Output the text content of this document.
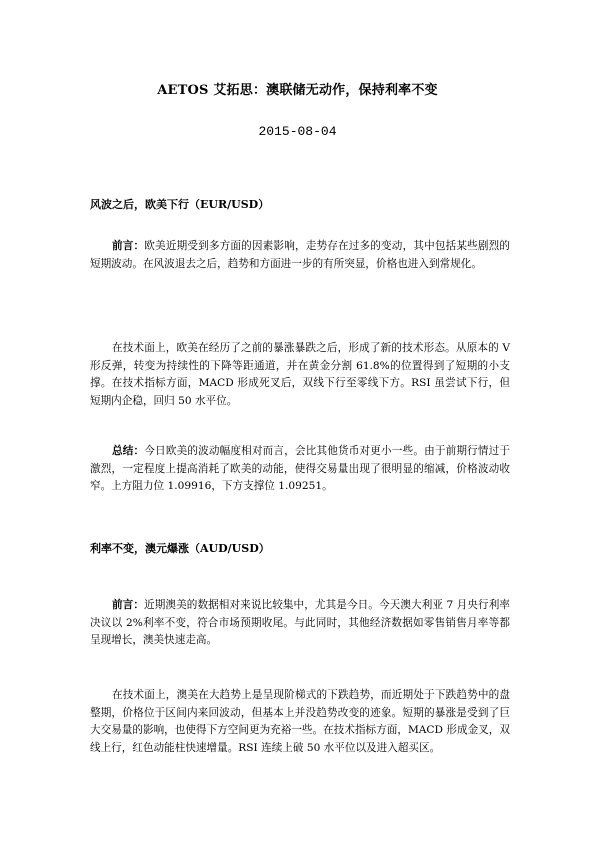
AETOS 艾拓思：澳联储无动作，保持利率不变
2015-08-04
风波之后，欧美下行（EUR/USD）
前言：欧美近期受到多方面的因素影响，走势存在过多的变动，其中包括某些剧烈的短期波动。在风波退去之后，趋势和方面进一步的有所突显，价格也进入到常规化。
在技术面上，欧美在经历了之前的暴涨暴跌之后，形成了新的技术形态。从原本的 V 形反弹，转变为持续性的下降等距通道，并在黄金分割 61.8%的位置得到了短期的小支撑。在技术指标方面，MACD 形成死叉后，双线下行至零线下方。RSI 虽尝试下行，但短期内企稳，回归 50 水平位。
总结：今日欧美的波动幅度相对而言，会比其他货币对更小一些。由于前期行情过于激烈，一定程度上提高消耗了欧美的动能，使得交易量出现了很明显的缩减，价格波动收窄。上方阻力位 1.09916，下方支撑位 1.09251。
利率不变，澳元爆涨（AUD/USD）
前言：近期澳美的数据相对来说比较集中，尤其是今日。今天澳大利亚 7 月央行利率决议以 2%利率不变，符合市场预期收尾。与此同时，其他经济数据如零售销售月率等都呈现增长，澳美快速走高。
在技术面上，澳美在大趋势上是呈现阶梯式的下跌趋势，而近期处于下跌趋势中的盘整期，价格位于区间内来回波动，但基本上并没趋势改变的迹象。短期的暴涨是受到了巨大交易量的影响，也使得下方空间更为充裕一些。在技术指标方面，MACD 形成金叉，双线上行，红色动能柱快速增量。RSI 连续上破 50 水平位以及进入超买区。
